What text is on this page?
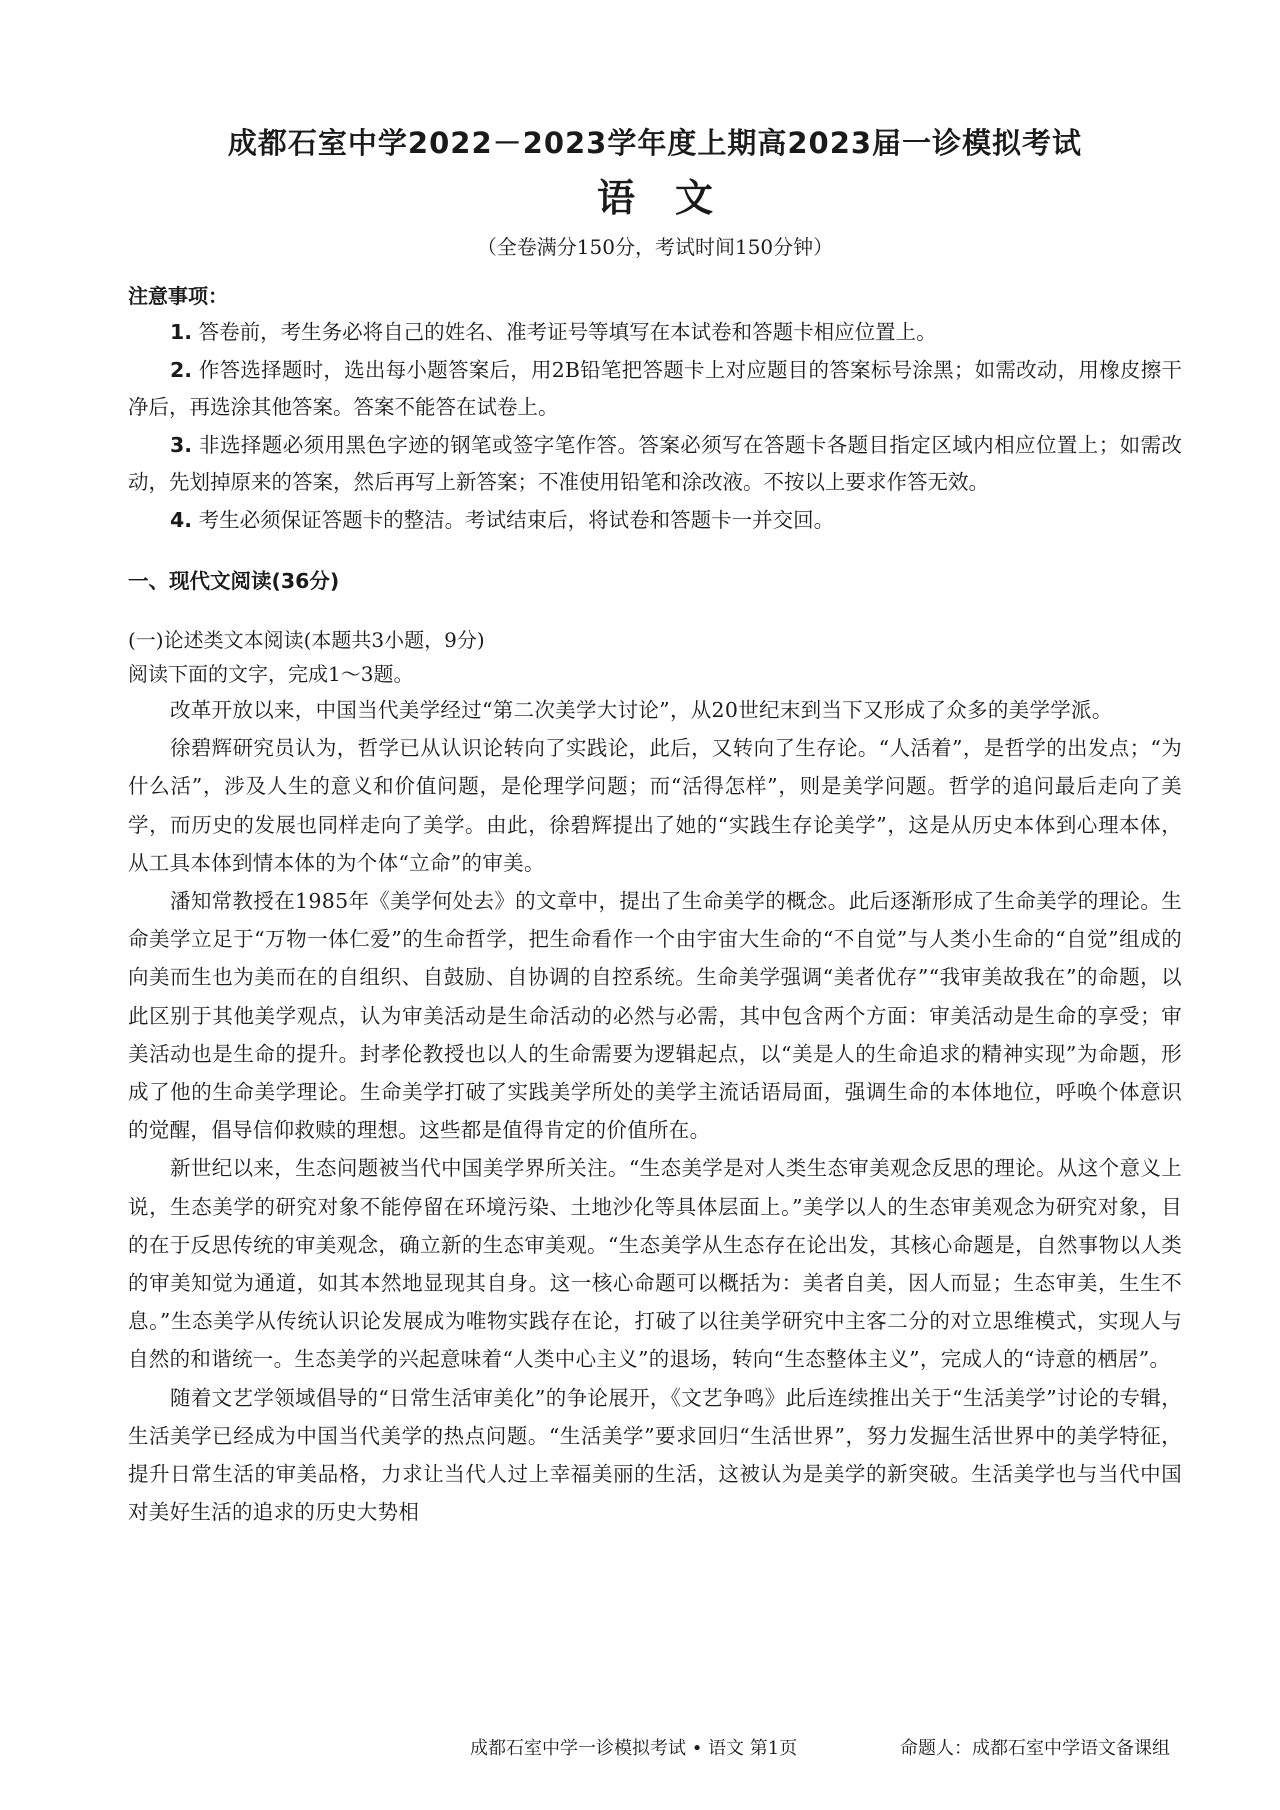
成都石室中学2022－2023学年度上期高2023届一诊模拟考试
语文
（全卷满分150分，考试时间150分钟）

注意事项：

1. 答卷前，考生务必将自己的姓名、准考证号等填写在本试卷和答题卡相应位置上。

2. 作答选择题时，选出每小题答案后，用2B铅笔把答题卡上对应题目的答案标号涂黑；如需改动，用橡皮擦干净后，再选涂其他答案。答案不能答在试卷上。

3. 非选择题必须用黑色字迹的钢笔或签字笔作答。答案必须写在答题卡各题目指定区域内相应位置上；如需改动，先划掉原来的答案，然后再写上新答案；不准使用铅笔和涂改液。不按以上要求作答无效。

4. 考生必须保证答题卡的整洁。考试结束后，将试卷和答题卡一并交回。

一、现代文阅读(36分)

(一)论述类文本阅读(本题共3小题，9分)

阅读下面的文字，完成1～3题。

改革开放以来，中国当代美学经过“第二次美学大讨论”，从20世纪末到当下又形成了众多的美学学派。

徐碧辉研究员认为，哲学已从认识论转向了实践论，此后，又转向了生存论。“人活着”，是哲学的出发点；“为什么活”，涉及人生的意义和价值问题，是伦理学问题；而“活得怎样”，则是美学问题。哲学的追问最后走向了美学，而历史的发展也同样走向了美学。由此，徐碧辉提出了她的“实践生存论美学”，这是从历史本体到心理本体，从工具本体到情本体的为个体“立命”的审美。

潘知常教授在1985年《美学何处去》的文章中，提出了生命美学的概念。此后逐渐形成了生命美学的理论。生命美学立足于“万物一体仁爱”的生命哲学，把生命看作一个由宇宙大生命的“不自觉”与人类小生命的“自觉”组成的向美而生也为美而在的自组织、自鼓励、自协调的自控系统。生命美学强调“美者优存”“我审美故我在”的命题，以此区别于其他美学观点，认为审美活动是生命活动的必然与必需，其中包含两个方面：审美活动是生命的享受；审美活动也是生命的提升。封孝伦教授也以人的生命需要为逻辑起点，以“美是人的生命追求的精神实现”为命题，形成了他的生命美学理论。生命美学打破了实践美学所处的美学主流话语局面，强调生命的本体地位，呼唤个体意识的觉醒，倡导信仰救赎的理想。这些都是值得肯定的价值所在。

新世纪以来，生态问题被当代中国美学界所关注。“生态美学是对人类生态审美观念反思的理论。从这个意义上说，生态美学的研究对象不能停留在环境污染、土地沙化等具体层面上。”美学以人的生态审美观念为研究对象，目的在于反思传统的审美观念，确立新的生态审美观。“生态美学从生态存在论出发，其核心命题是，自然事物以人类的审美知觉为通道，如其本然地显现其自身。这一核心命题可以概括为：美者自美，因人而显；生态审美，生生不息。”生态美学从传统认识论发展成为唯物实践存在论，打破了以往美学研究中主客二分的对立思维模式，实现人与自然的和谐统一。生态美学的兴起意味着“人类中心主义”的退场，转向“生态整体主义”，完成人的“诗意的栖居”。

随着文艺学领域倡导的“日常生活审美化”的争论展开，《文艺争鸣》此后连续推出关于“生活美学”讨论的专辑，生活美学已经成为中国当代美学的热点问题。“生活美学”要求回归“生活世界”，努力发掘生活世界中的美学特征，提升日常生活的审美品格，力求让当代人过上幸福美丽的生活，这被认为是美学的新突破。生活美学也与当代中国对美好生活的追求的历史大势相

成都石室中学一诊模拟考试 • 语文 第1页	命题人：成都石室中学语文备课组
